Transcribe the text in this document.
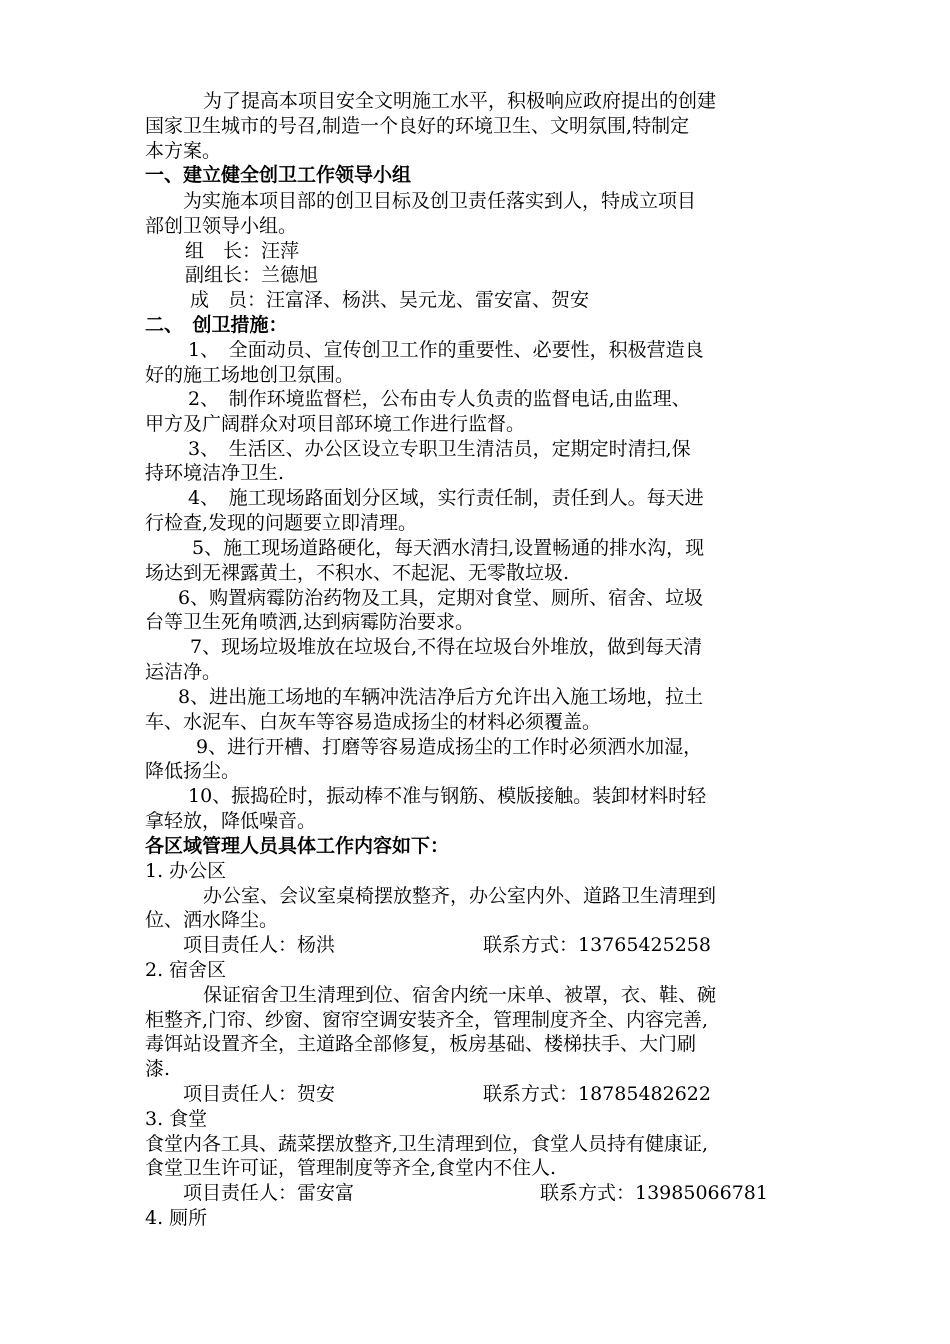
为了提高本项目安全文明施工水平，积极响应政府提出的创建
国家卫生城市的号召,制造一个良好的环境卫生、文明氛围,特制定
本方案。
一、建立健全创卫工作领导小组
为实施本项目部的创卫目标及创卫责任落实到人，特成立项目
部创卫领导小组。
组　长：汪萍
副组长：兰德旭
成　员：汪富泽、杨洪、吴元龙、雷安富、贺安
二、　创卫措施：
1、　全面动员、宣传创卫工作的重要性、必要性，积极营造良
好的施工场地创卫氛围。
2、　制作环境监督栏，公布由专人负责的监督电话,由监理、
甲方及广阔群众对项目部环境工作进行监督。
3、　生活区、办公区设立专职卫生清洁员，定期定时清扫,保
持环境洁净卫生.
4、　施工现场路面划分区域，实行责任制，责任到人。每天进
行检查,发现的问题要立即清理。
5、施工现场道路硬化，每天洒水清扫,设置畅通的排水沟，现
场达到无裸露黄土，不积水、不起泥、无零散垃圾.
6、购置病霉防治药物及工具，定期对食堂、厕所、宿舍、垃圾
台等卫生死角喷洒,达到病霉防治要求。
7、现场垃圾堆放在垃圾台,不得在垃圾台外堆放，做到每天清
运洁净。
8、进出施工场地的车辆冲洗洁净后方允许出入施工场地，拉土
车、水泥车、白灰车等容易造成扬尘的材料必须覆盖。
9、进行开槽、打磨等容易造成扬尘的工作时必须洒水加湿，
降低扬尘。
10、振捣砼时，振动棒不准与钢筋、模版接触。装卸材料时轻
拿轻放，降低噪音。
各区域管理人员具体工作内容如下：
1. 办公区
办公室、会议室桌椅摆放整齐，办公室内外、道路卫生清理到
位、洒水降尘。
项目责任人：杨洪	联系方式：13765425258
2. 宿舍区
保证宿舍卫生清理到位、宿舍内统一床单、被罩，衣、鞋、碗
柜整齐,门帘、纱窗、窗帘空调安装齐全，管理制度齐全、内容完善,
毒饵站设置齐全，主道路全部修复，板房基础、楼梯扶手、大门刷
漆.
项目责任人：贺安	联系方式：18785482622
3. 食堂
食堂内各工具、蔬菜摆放整齐,卫生清理到位，食堂人员持有健康证,
食堂卫生许可证，管理制度等齐全,食堂内不住人.
项目责任人：雷安富	联系方式：13985066781
4. 厕所
